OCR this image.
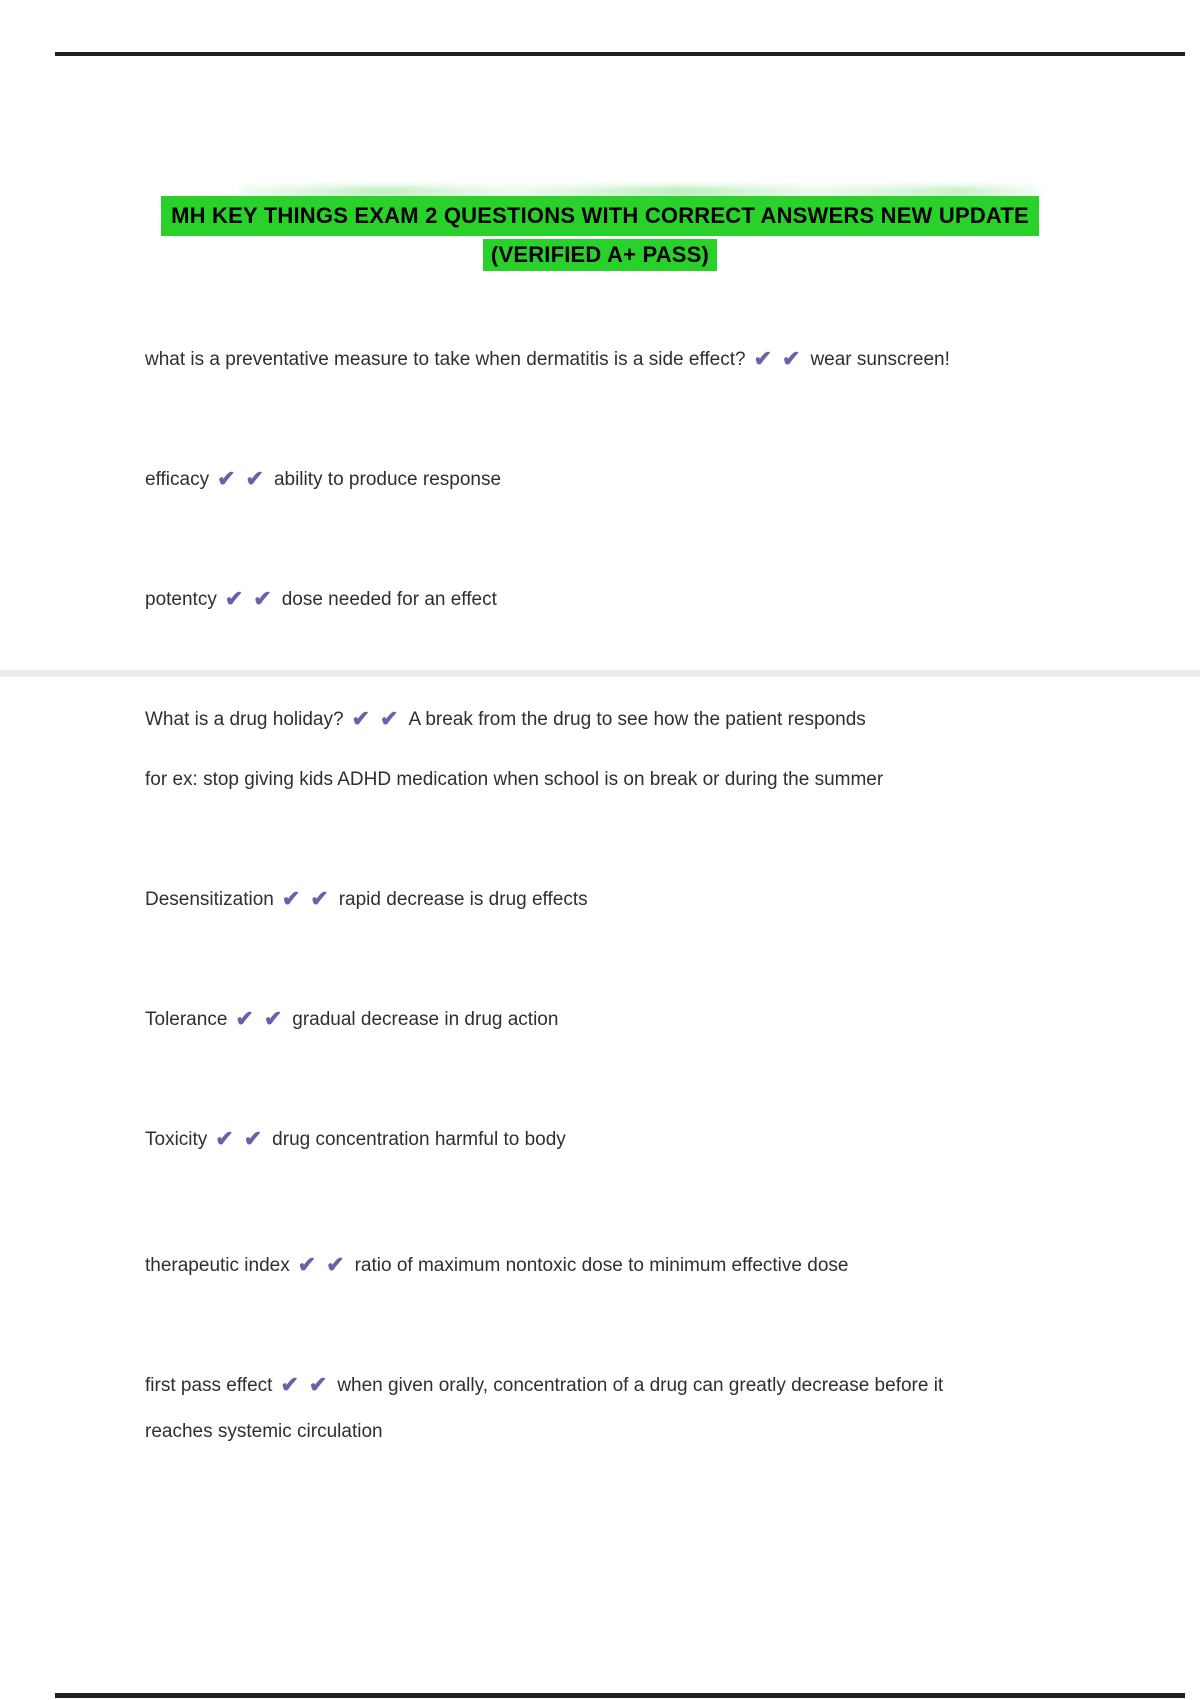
MH KEY THINGS EXAM 2 QUESTIONS WITH CORRECT ANSWERS NEW UPDATE
(VERIFIED A+ PASS)

what is a preventative measure to take when dermatitis is a side effect? ✔ ✔ wear sunscreen!

efficacy ✔ ✔ ability to produce response

potentcy ✔ ✔ dose needed for an effect

What is a drug holiday? ✔ ✔ A break from the drug to see how the patient responds

for ex: stop giving kids ADHD medication when school is on break or during the summer

Desensitization ✔ ✔ rapid decrease is drug effects

Tolerance ✔ ✔ gradual decrease in drug action

Toxicity ✔ ✔ drug concentration harmful to body

therapeutic index ✔ ✔ ratio of maximum nontoxic dose to minimum effective dose

first pass effect ✔ ✔ when given orally, concentration of a drug can greatly decrease before it
reaches systemic circulation
